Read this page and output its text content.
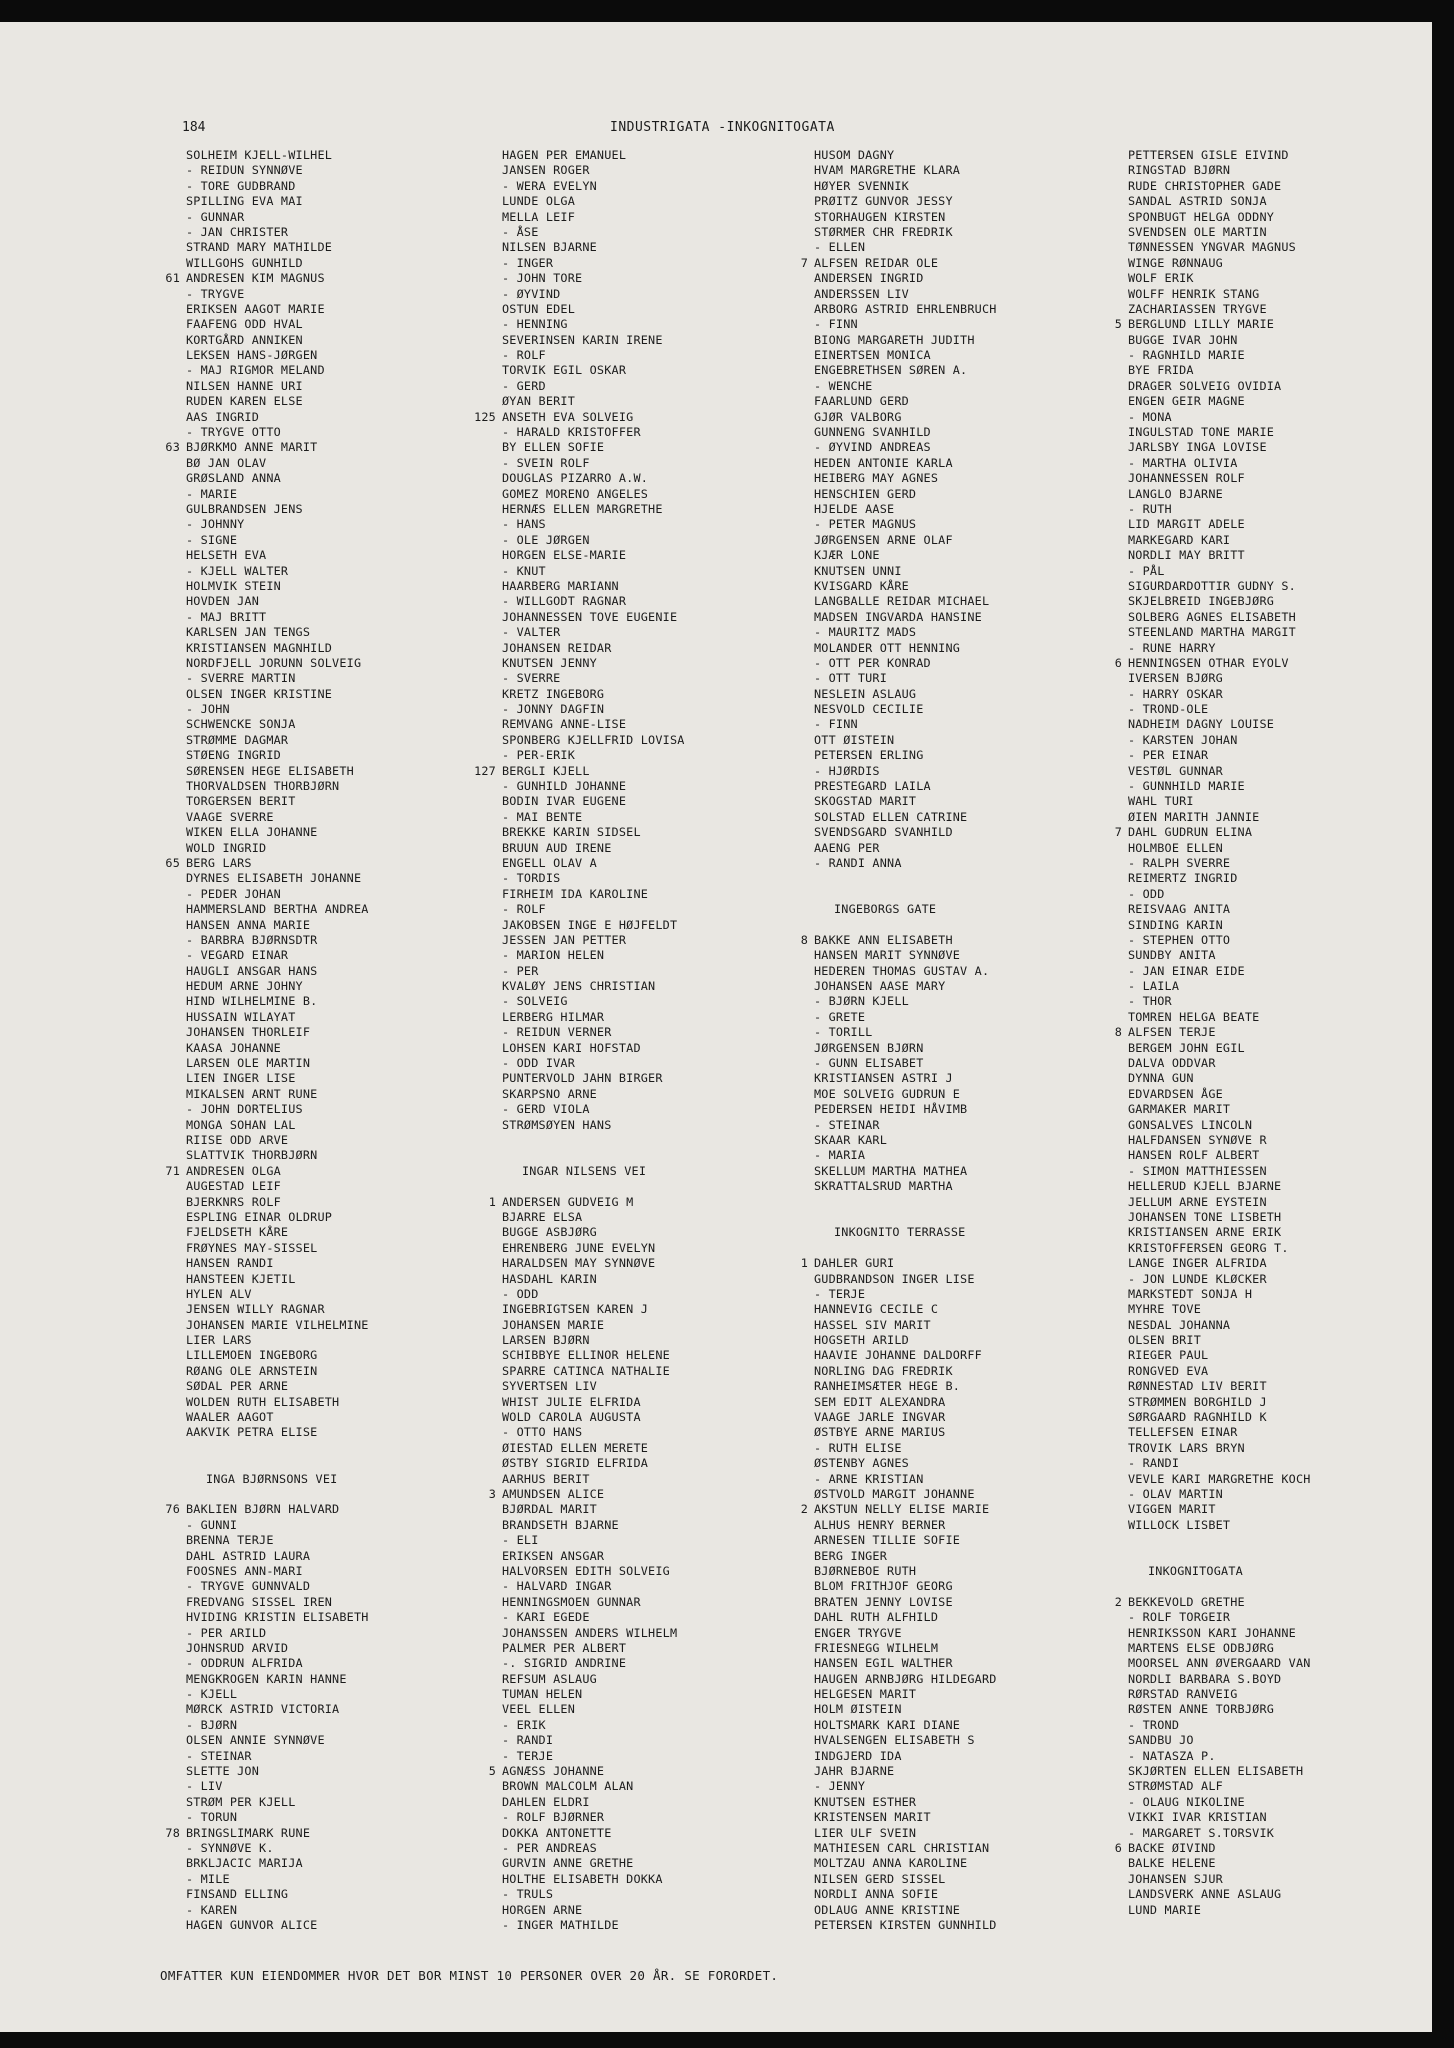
184	INDUSTRIGATA -INKOGNITOGATA
SOLHEIM KJELL-WILHEL
- REIDUN SYNNØVE
- TORE GUDBRAND
SPILLING EVA MAI
- GUNNAR
- JAN CHRISTER
STRAND MARY MATHILDE
WILLGOHS GUNHILD
61 ANDRESEN KIM MAGNUS
- TRYGVE
ERIKSEN AAGOT MARIE
FAAFENG ODD HVAL
KORTGÅRD ANNIKEN
LEKSEN HANS-JØRGEN
- MAJ RIGMOR MELAND
NILSEN HANNE URI
RUDEN KAREN ELSE
AAS INGRID
- TRYGVE OTTO
63 BJØRKMO ANNE MARIT
BØ JAN OLAV
GRØSLAND ANNA
- MARIE
GULBRANDSEN JENS
- JOHNNY
- SIGNE
HELSETH EVA
- KJELL WALTER
HOLMVIK STEIN
HOVDEN JAN
- MAJ BRITT
KARLSEN JAN TENGS
KRISTIANSEN MAGNHILD
NORDFJELL JORUNN SOLVEIG
- SVERRE MARTIN
OLSEN INGER KRISTINE
- JOHN
SCHWENCKE SONJA
STRØMME DAGMAR
STØENG INGRID
SØRENSEN HEGE ELISABETH
THORVALDSEN THORBJØRN
TORGERSEN BERIT
VAAGE SVERRE
WIKEN ELLA JOHANNE
WOLD INGRID
65 BERG LARS
DYRNES ELISABETH JOHANNE
- PEDER JOHAN
HAMMERSLAND BERTHA ANDREA
HANSEN ANNA MARIE
- BARBRA BJØRNSDTR
- VEGARD EINAR
HAUGLI ANSGAR HANS
HEDUM ARNE JOHNY
HIND WILHELMINE B.
HUSSAIN WILAYAT
JOHANSEN THORLEIF
KAASA JOHANNE
LARSEN OLE MARTIN
LIEN INGER LISE
MIKALSEN ARNT RUNE
- JOHN DORTELIUS
MONGA SOHAN LAL
RIISE ODD ARVE
SLATTVIK THORBJØRN
71 ANDRESEN OLGA
AUGESTAD LEIF
BJERKNRS ROLF
ESPLING EINAR OLDRUP
FJELDSETH KÅRE
FRØYNES MAY-SISSEL
HANSEN RANDI
HANSTEEN KJETIL
HYLEN ALV
JENSEN WILLY RAGNAR
JOHANSEN MARIE VILHELMINE
LIER LARS
LILLEMOEN INGEBORG
RØANG OLE ARNSTEIN
SØDAL PER ARNE
WOLDEN RUTH ELISABETH
WAALER AAGOT
AAKVIK PETRA ELISE
INGA BJØRNSONS VEI
76 BAKLIEN BJØRN HALVARD
- GUNNI
BRENNA TERJE
DAHL ASTRID LAURA
FOOSNES ANN-MARI
- TRYGVE GUNNVALD
FREDVANG SISSEL IREN
HVIDING KRISTIN ELISABETH
- PER ARILD
JOHNSRUD ARVID
- ODDRUN ALFRIDA
MENGKROGEN KARIN HANNE
- KJELL
MØRCK ASTRID VICTORIA
- BJØRN
OLSEN ANNIE SYNNØVE
- STEINAR
SLETTE JON
- LIV
STRØM PER KJELL
- TORUN
78 BRINGSLIMARK RUNE
- SYNNØVE K.
BRKLJACIC MARIJA
- MILE
FINSAND ELLING
- KAREN
HAGEN GUNVOR ALICE
HAGEN PER EMANUEL
JANSEN ROGER
- WERA EVELYN
LUNDE OLGA
MELLA LEIF
- ÅSE
NILSEN BJARNE
- INGER
- JOHN TORE
- ØYVIND
OSTUN EDEL
- HENNING
SEVERINSEN KARIN IRENE
- ROLF
TORVIK EGIL OSKAR
- GERD
ØYAN BERIT
125 ANSETH EVA SOLVEIG
- HARALD KRISTOFFER
BY ELLEN SOFIE
- SVEIN ROLF
DOUGLAS PIZARRO A.W.
GOMEZ MORENO ANGELES
HERNÆS ELLEN MARGRETHE
- HANS
- OLE JØRGEN
HORGEN ELSE-MARIE
- KNUT
HAARBERG MARIANN
- WILLGODT RAGNAR
JOHANNESSEN TOVE EUGENIE
- VALTER
JOHANSEN REIDAR
KNUTSEN JENNY
- SVERRE
KRETZ INGEBORG
- JONNY DAGFIN
REMVANG ANNE-LISE
SPONBERG KJELLFRID LOVISA
- PER-ERIK
127 BERGLI KJELL
- GUNHILD JOHANNE
BODIN IVAR EUGENE
- MAI BENTE
BREKKE KARIN SIDSEL
BRUUN AUD IRENE
ENGELL OLAV A
- TORDIS
FIRHEIM IDA KAROLINE
- ROLF
JAKOBSEN INGE E HØJFELDT
JESSEN JAN PETTER
- MARION HELEN
- PER
KVALØY JENS CHRISTIAN
- SOLVEIG
LERBERG HILMAR
- REIDUN VERNER
LOHSEN KARI HOFSTAD
- ODD IVAR
PUNTERVOLD JAHN BIRGER
SKARPSNO ARNE
- GERD VIOLA
STRØMSØYEN HANS
INGAR NILSENS VEI
1 ANDERSEN GUDVEIG M
BJARRE ELSA
BUGGE ASBJØRG
EHRENBERG JUNE EVELYN
HARALDSEN MAY SYNNØVE
HASDAHL KARIN
- ODD
INGEBRIGTSEN KAREN J
JOHANSEN MARIE
LARSEN BJØRN
SCHIBBYE ELLINOR HELENE
SPARRE CATINCA NATHALIE
SYVERTSEN LIV
WHIST JULIE ELFRIDA
WOLD CAROLA AUGUSTA
- OTTO HANS
ØIESTAD ELLEN MERETE
ØSTBY SIGRID ELFRIDA
AARHUS BERIT
3 AMUNDSEN ALICE
BJØRDAL MARIT
BRANDSETH BJARNE
- ELI
ERIKSEN ANSGAR
HALVORSEN EDITH SOLVEIG
- HALVARD INGAR
HENNINGSMOEN GUNNAR
- KARI EGEDE
JOHANSSEN ANDERS WILHELM
PALMER PER ALBERT
-. SIGRID ANDRINE
REFSUM ASLAUG
TUMAN HELEN
VEEL ELLEN
- ERIK
- RANDI
- TERJE
5 AGNÆSS JOHANNE
BROWN MALCOLM ALAN
DAHLEN ELDRI
- ROLF BJØRNER
DOKKA ANTONETTE
- PER ANDREAS
GURVIN ANNE GRETHE
HOLTHE ELISABETH DOKKA
- TRULS
HORGEN ARNE
- INGER MATHILDE
HUSOM DAGNY
HVAM MARGRETHE KLARA
HØYER SVENNIK
PRØITZ GUNVOR JESSY
STORHAUGEN KIRSTEN
STØRMER CHR FREDRIK
- ELLEN
7 ALFSEN REIDAR OLE
ANDERSEN INGRID
ANDERSSEN LIV
ARBORG ASTRID EHRLENBRUCH
- FINN
BIONG MARGARETH JUDITH
EINERTSEN MONICA
ENGEBRETHSEN SØREN A.
- WENCHE
FAARLUND GERD
GJØR VALBORG
GUNNENG SVANHILD
- ØYVIND ANDREAS
HEDEN ANTONIE KARLA
HEIBERG MAY AGNES
HENSCHIEN GERD
HJELDE AASE
- PETER MAGNUS
JØRGENSEN ARNE OLAF
KJÆR LONE
KNUTSEN UNNI
KVISGARD KÅRE
LANGBALLE REIDAR MICHAEL
MADSEN INGVARDA HANSINE
- MAURITZ MADS
MOLANDER OTT HENNING
- OTT PER KONRAD
- OTT TURI
NESLEIN ASLAUG
NESVOLD CECILIE
- FINN
OTT ØISTEIN
PETERSEN ERLING
- HJØRDIS
PRESTEGARD LAILA
SKOGSTAD MARIT
SOLSTAD ELLEN CATRINE
SVENDSGARD SVANHILD
AAENG PER
- RANDI ANNA
INGEBORGS GATE
8 BAKKE ANN ELISABETH
HANSEN MARIT SYNNØVE
HEDEREN THOMAS GUSTAV A.
JOHANSEN AASE MARY
- BJØRN KJELL
- GRETE
- TORILL
JØRGENSEN BJØRN
- GUNN ELISABET
KRISTIANSEN ASTRI J
MOE SOLVEIG GUDRUN E
PEDERSEN HEIDI HÅVIMB
- STEINAR
SKAAR KARL
- MARIA
SKELLUM MARTHA MATHEA
SKRATTALSRUD MARTHA
INKOGNITO TERRASSE
1 DAHLER GURI
GUDBRANDSON INGER LISE
- TERJE
HANNEVIG CECILE C
HASSEL SIV MARIT
HOGSETH ARILD
HAAVIE JOHANNE DALDORFF
NORLING DAG FREDRIK
RANHEIMSÆTER HEGE B.
SEM EDIT ALEXANDRA
VAAGE JARLE INGVAR
ØSTBYE ARNE MARIUS
- RUTH ELISE
ØSTENBY AGNES
- ARNE KRISTIAN
ØSTVOLD MARGIT JOHANNE
2 AKSTUN NELLY ELISE MARIE
ALHUS HENRY BERNER
ARNESEN TILLIE SOFIE
BERG INGER
BJØRNEBOE RUTH
BLOM FRITHJOF GEORG
BRATEN JENNY LOVISE
DAHL RUTH ALFHILD
ENGER TRYGVE
FRIESNEGG WILHELM
HANSEN EGIL WALTHER
HAUGEN ARNBJØRG HILDEGARD
HELGESEN MARIT
HOLM ØISTEIN
HOLTSMARK KARI DIANE
HVALSENGEN ELISABETH S
INDGJERD IDA
JAHR BJARNE
- JENNY
KNUTSEN ESTHER
KRISTENSEN MARIT
LIER ULF SVEIN
MATHIESEN CARL CHRISTIAN
MOLTZAU ANNA KAROLINE
NILSEN GERD SISSEL
NORDLI ANNA SOFIE
ODLAUG ANNE KRISTINE
PETERSEN KIRSTEN GUNNHILD
PETTERSEN GISLE EIVIND
RINGSTAD BJØRN
RUDE CHRISTOPHER GADE
SANDAL ASTRID SONJA
SPONBUGT HELGA ODDNY
SVENDSEN OLE MARTIN
TØNNESSEN YNGVAR MAGNUS
WINGE RØNNAUG
WOLF ERIK
WOLFF HENRIK STANG
ZACHARIASSEN TRYGVE
5 BERGLUND LILLY MARIE
BUGGE IVAR JOHN
- RAGNHILD MARIE
BYE FRIDA
DRAGER SOLVEIG OVIDIA
ENGEN GEIR MAGNE
- MONA
INGULSTAD TONE MARIE
JARLSBY INGA LOVISE
- MARTHA OLIVIA
JOHANNESSEN ROLF
LANGLO BJARNE
- RUTH
LID MARGIT ADELE
MARKEGARD KARI
NORDLI MAY BRITT
- PÅL
SIGURDARDOTTIR GUDNY S.
SKJELBREID INGEBJØRG
SOLBERG AGNES ELISABETH
STEENLAND MARTHA MARGIT
- RUNE HARRY
6 HENNINGSEN OTHAR EYOLV
IVERSEN BJØRG
- HARRY OSKAR
- TROND-OLE
NADHEIM DAGNY LOUISE
- KARSTEN JOHAN
- PER EINAR
VESTØL GUNNAR
- GUNNHILD MARIE
WAHL TURI
ØIEN MARITH JANNIE
7 DAHL GUDRUN ELINA
HOLMBOE ELLEN
- RALPH SVERRE
REIMERTZ INGRID
- ODD
REISVAAG ANITA
SINDING KARIN
- STEPHEN OTTO
SUNDBY ANITA
- JAN EINAR EIDE
- LAILA
- THOR
TOMREN HELGA BEATE
8 ALFSEN TERJE
BERGEM JOHN EGIL
DALVA ODDVAR
DYNNA GUN
EDVARDSEN ÅGE
GARMAKER MARIT
GONSALVES LINCOLN
HALFDANSEN SYNØVE R
HANSEN ROLF ALBERT
- SIMON MATTHIESSEN
HELLERUD KJELL BJARNE
JELLUM ARNE EYSTEIN
JOHANSEN TONE LISBETH
KRISTIANSEN ARNE ERIK
KRISTOFFERSEN GEORG T.
LANGE INGER ALFRIDA
- JON LUNDE KLØCKER
MARKSTEDT SONJA H
MYHRE TOVE
NESDAL JOHANNA
OLSEN BRIT
RIEGER PAUL
RONGVED EVA
RØNNESTAD LIV BERIT
STRØMMEN BORGHILD J
SØRGAARD RAGNHILD K
TELLEFSEN EINAR
TROVIK LARS BRYN
- RANDI
VEVLE KARI MARGRETHE KOCH
- OLAV MARTIN
VIGGEN MARIT
WILLOCK LISBET
INKOGNITOGATA
2 BEKKEVOLD GRETHE
- ROLF TORGEIR
HENRIKSSON KARI JOHANNE
MARTENS ELSE ODBJØRG
MOORSEL ANN ØVERGAARD VAN
NORDLI BARBARA S.BOYD
RØRSTAD RANVEIG
RØSTEN ANNE TORBJØRG
- TROND
SANDBU JO
- NATASZA P.
SKJØRTEN ELLEN ELISABETH
STRØMSTAD ALF
- OLAUG NIKOLINE
VIKKI IVAR KRISTIAN
- MARGARET S.TORSVIK
6 BACKE ØIVIND
BALKE HELENE
JOHANSEN SJUR
LANDSVERK ANNE ASLAUG
LUND MARIE
OMFATTER KUN EIENDOMMER HVOR DET BOR MINST 10 PERSONER OVER 20 ÅR. SE FORORDET.
